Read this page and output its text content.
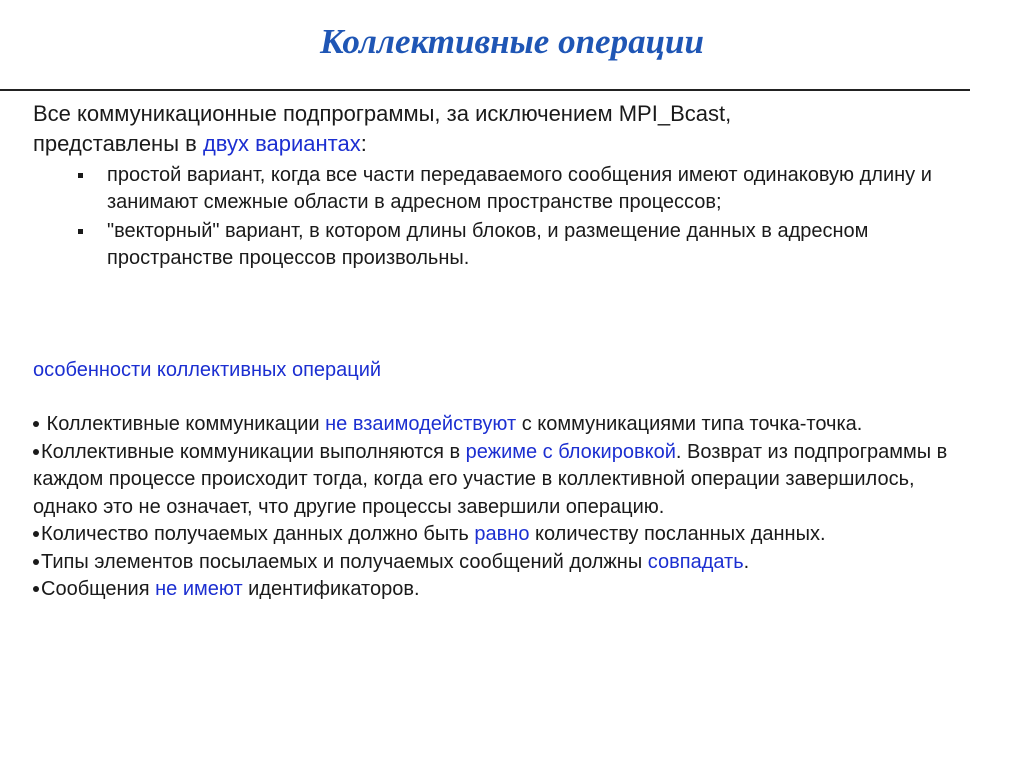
Коллективные операции
Все коммуникационные подпрограммы, за исключением MPI_Bcast,
представлены в двух вариантах:
простой вариант, когда все части передаваемого сообщения имеют одинаковую длину и занимают смежные области в адресном пространстве процессов;
"векторный" вариант, в котором длины блоков, и размещение данных в адресном пространстве процессов произвольны.
особенности коллективных операций
Коллективные коммуникации не взаимодействуют с коммуникациями типа точка-точка.
Коллективные коммуникации выполняются в режиме с блокировкой. Возврат из подпрограммы в каждом процессе происходит тогда, когда его участие в коллективной операции завершилось, однако это не означает, что другие процессы завершили операцию.
Количество получаемых данных должно быть равно количеству посланных данных.
Типы элементов посылаемых и получаемых сообщений должны совпадать.
Сообщения не имеют идентификаторов.
